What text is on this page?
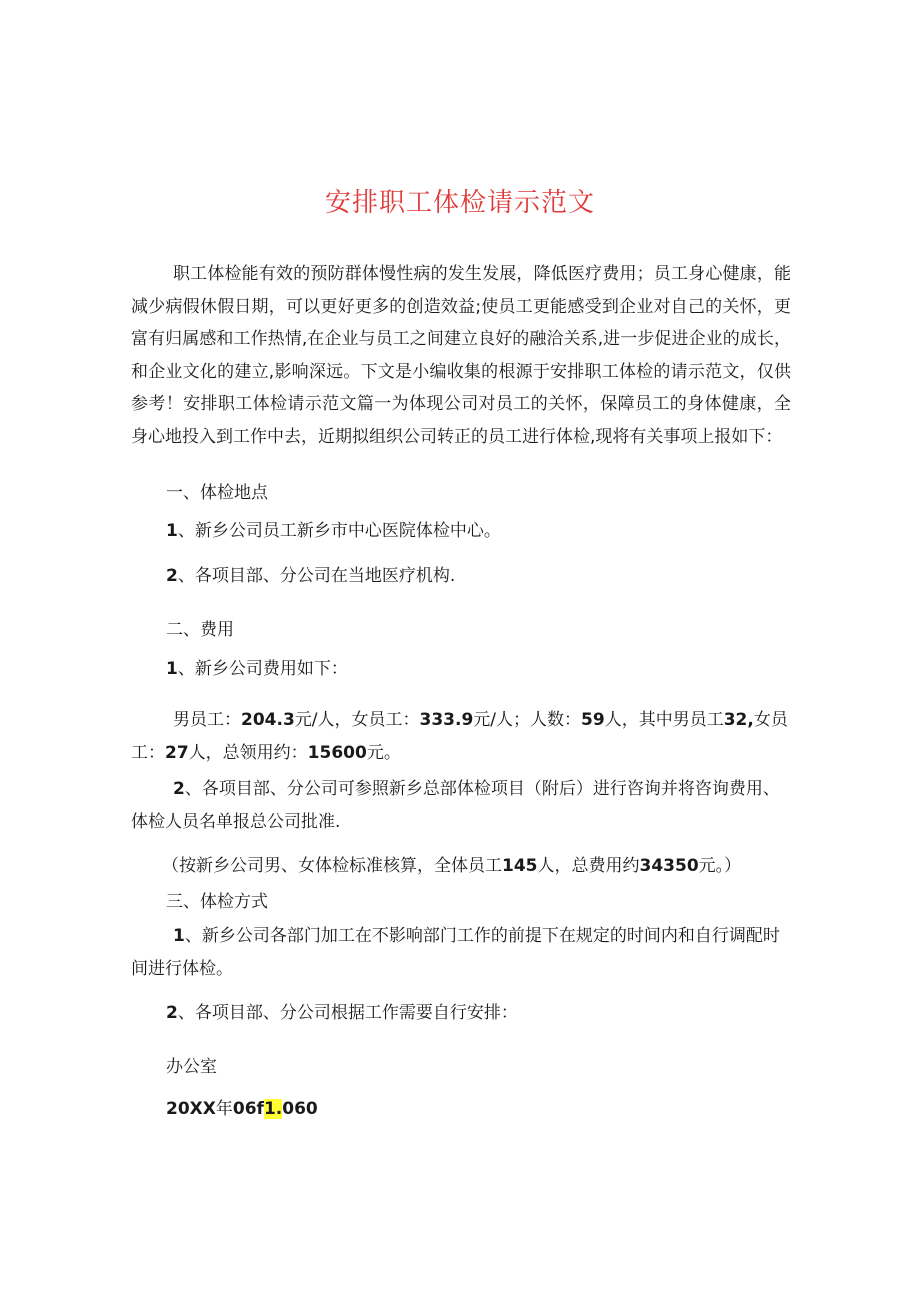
安排职工体检请示范文

职工体检能有效的预防群体慢性病的发生发展，降低医疗费用；员工身心健康，能减少病假休假日期，可以更好更多的创造效益;使员工更能感受到企业对自己的关怀，更富有归属感和工作热情,在企业与员工之间建立良好的融洽关系,进一步促进企业的成长，和企业文化的建立,影响深远。下文是小编收集的根源于安排职工体检的请示范文，仅供参考！安排职工体检请示范文篇一为体现公司对员工的关怀，保障员工的身体健康，全身心地投入到工作中去，近期拟组织公司转正的员工进行体检,现将有关事项上报如下：

一、体检地点

1、新乡公司员工新乡市中心医院体检中心。

2、各项目部、分公司在当地医疗机构.

二、费用

1、新乡公司费用如下：

男员工：204.3元/人，女员工：333.9元/人；人数：59人，其中男员工32,女员工：27人，总领用约：15600元。

2、各项目部、分公司可参照新乡总部体检项目（附后）进行咨询并将咨询费用、体检人员名单报总公司批准.

（按新乡公司男、女体检标准核算，全体员工145人，总费用约34350元。）

三、体检方式

1、新乡公司各部门加工在不影响部门工作的前提下在规定的时间内和自行调配时间进行体检。

2、各项目部、分公司根据工作需要自行安排：

办公室

20XX年06f1.060
